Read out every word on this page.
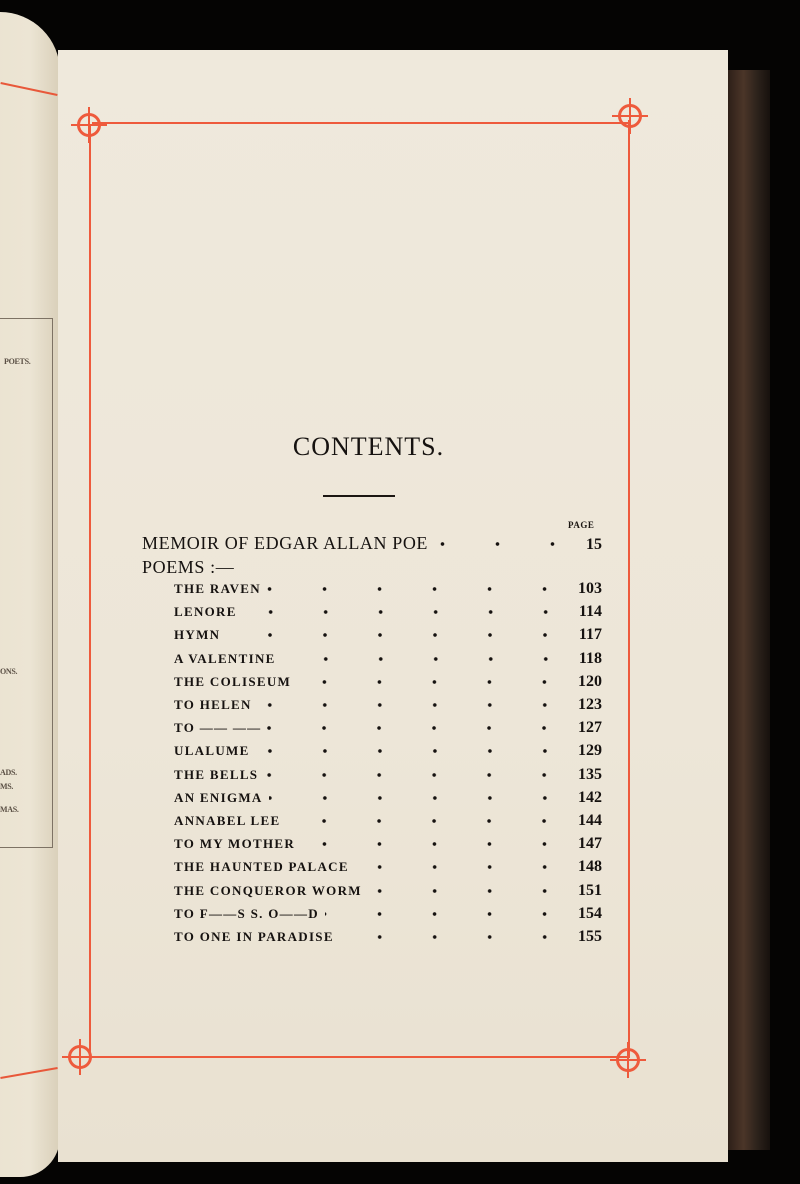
POETS.
ONS.
ADS.
MS.
MAS.
CONTENTS.
PAGE
MEMOIR OF EDGAR ALLAN POE	15
POEMS :—
THE RAVEN	103
LENORE	114
HYMN	117
A VALENTINE	118
THE COLISEUM	120
TO HELEN	123
TO —— ——	127
ULALUME	129
THE BELLS	135
AN ENIGMA	142
ANNABEL LEE	144
TO MY MOTHER	147
THE HAUNTED PALACE	148
THE CONQUEROR WORM	151
TO F——S S. O——D	154
TO ONE IN PARADISE	155
